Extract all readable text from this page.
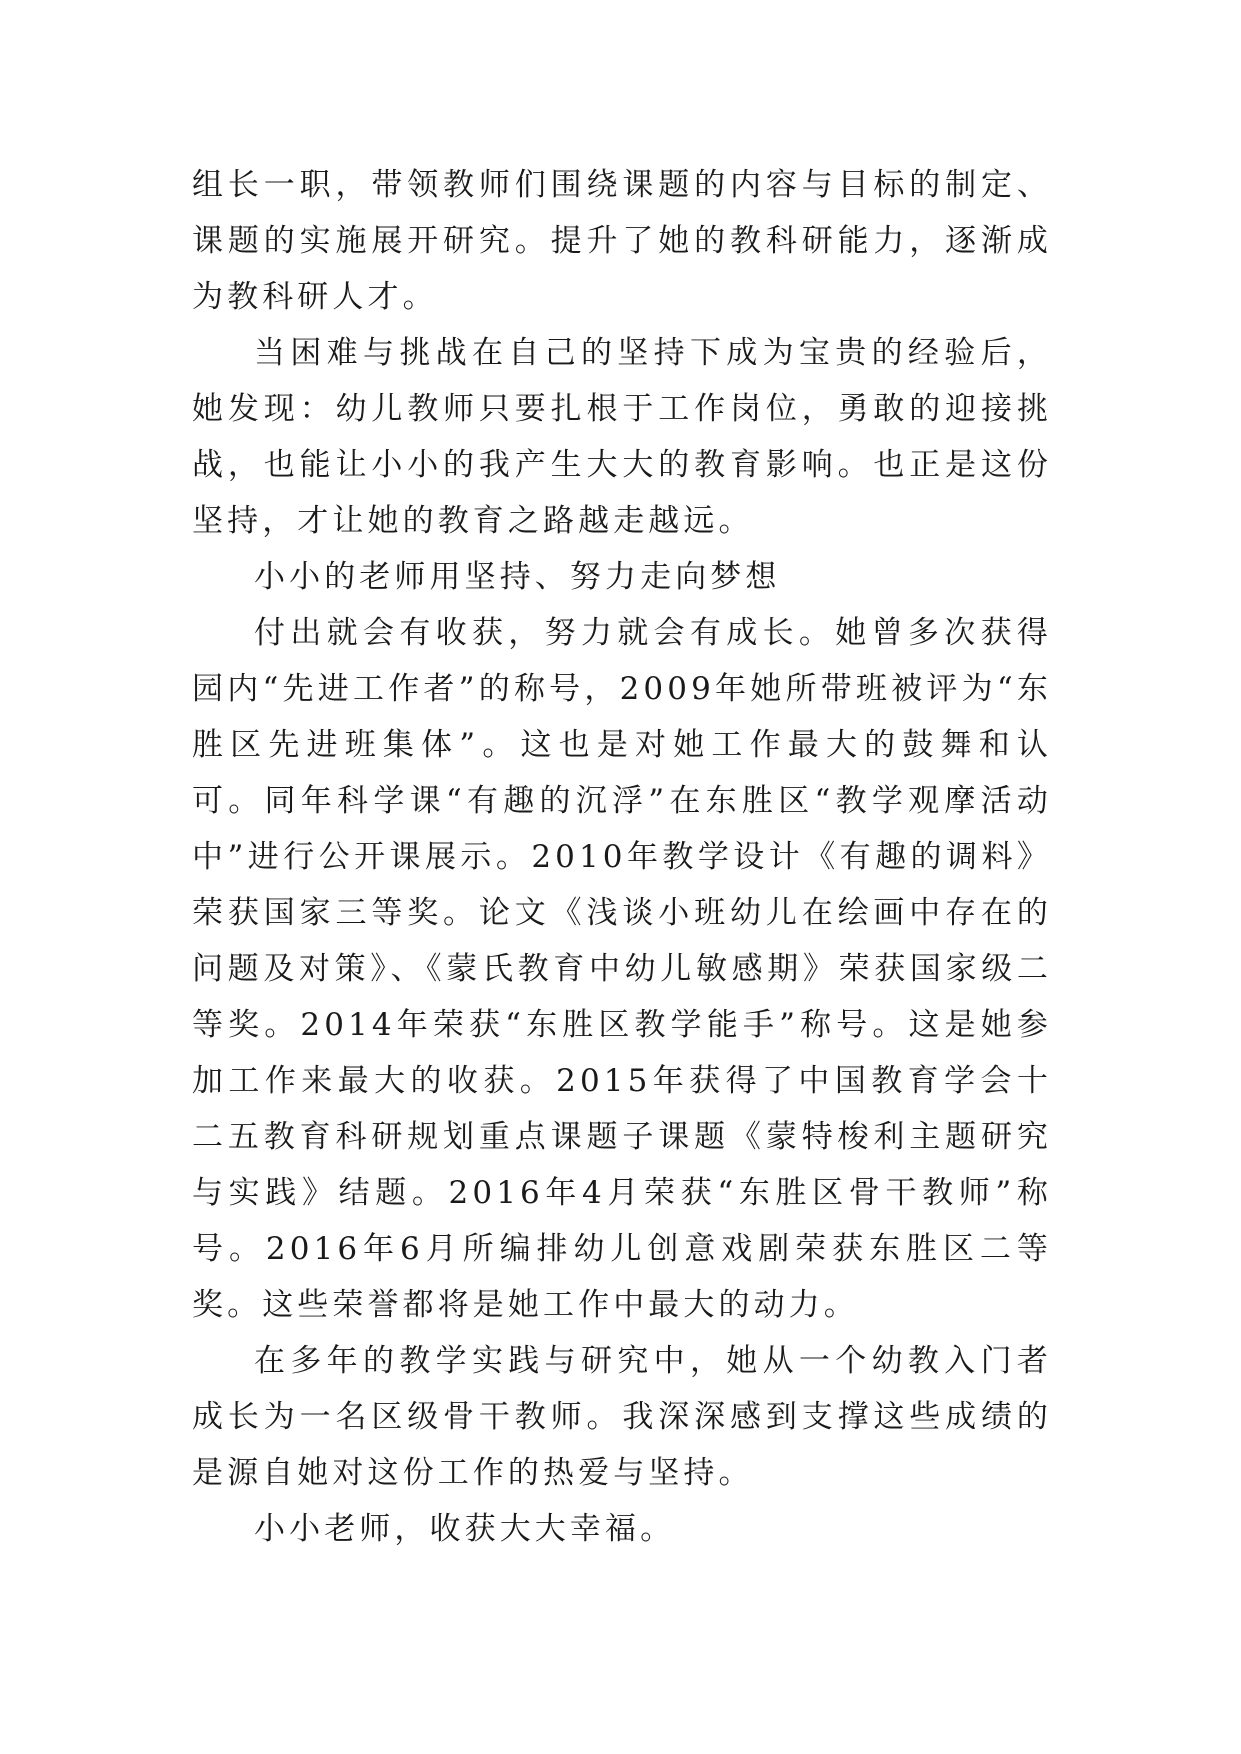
组长一职，带领教师们围绕课题的内容与目标的制定、课题的实施展开研究。提升了她的教科研能力，逐渐成为教科研人才。

当困难与挑战在自己的坚持下成为宝贵的经验后，她发现：幼儿教师只要扎根于工作岗位，勇敢的迎接挑战，也能让小小的我产生大大的教育影响。也正是这份坚持，才让她的教育之路越走越远。

小小的老师用坚持、努力走向梦想

付出就会有收获，努力就会有成长。她曾多次获得园内“先进工作者”的称号，2009年她所带班被评为“东胜区先进班集体”。这也是对她工作最大的鼓舞和认可。同年科学课“有趣的沉浮”在东胜区“教学观摩活动中”进行公开课展示。2010年教学设计《有趣的调料》荣获国家三等奖。论文《浅谈小班幼儿在绘画中存在的问题及对策》、《蒙氏教育中幼儿敏感期》荣获国家级二等奖。2014年荣获“东胜区教学能手”称号。这是她参加工作来最大的收获。2015年获得了中国教育学会十二五教育科研规划重点课题子课题《蒙特梭利主题研究与实践》结题。2016年4月荣获“东胜区骨干教师”称号。2016年6月所编排幼儿创意戏剧荣获东胜区二等奖。这些荣誉都将是她工作中最大的动力。

在多年的教学实践与研究中，她从一个幼教入门者成长为一名区级骨干教师。我深深感到支撑这些成绩的是源自她对这份工作的热爱与坚持。

小小老师，收获大大幸福。
